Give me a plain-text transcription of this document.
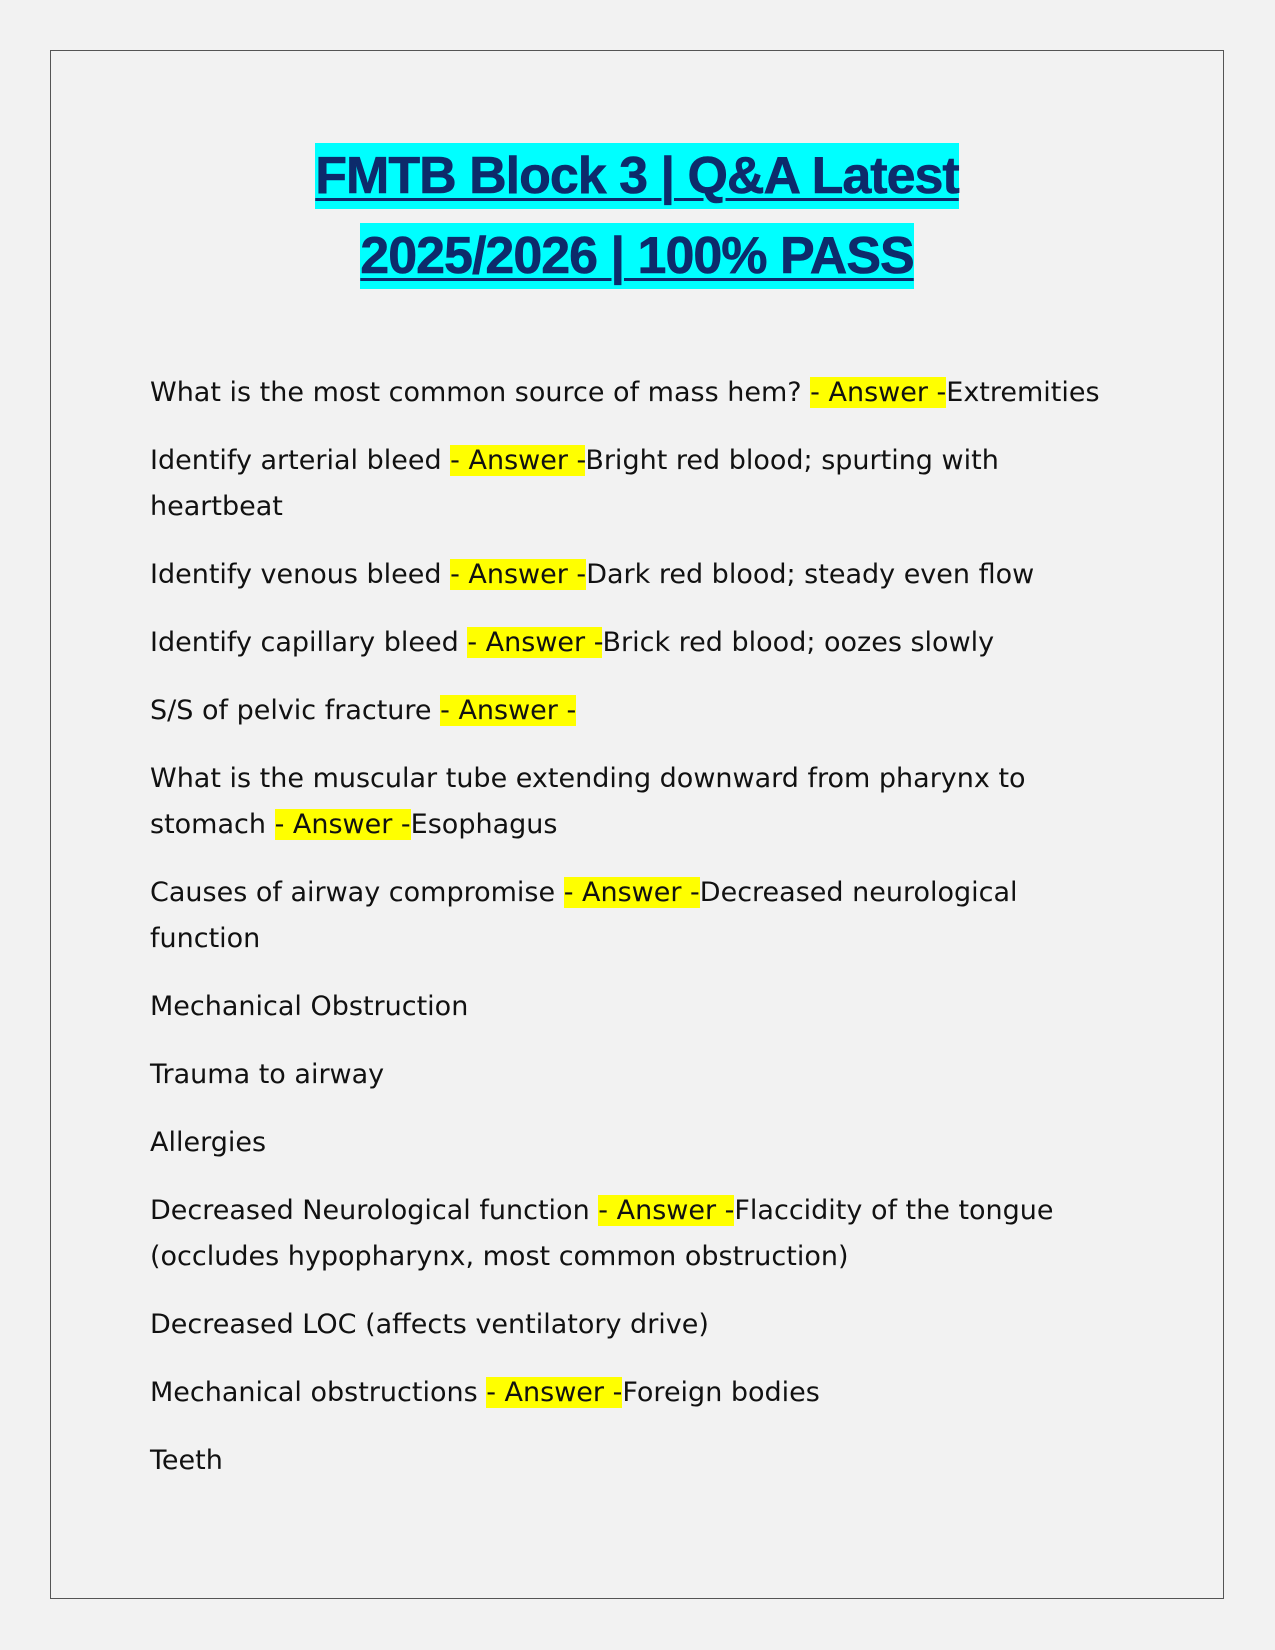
FMTB Block 3 | Q&A Latest
2025/2026 | 100% PASS

What is the most common source of mass hem? - Answer -Extremities

Identify arterial bleed - Answer -Bright red blood; spurting with heartbeat

Identify venous bleed - Answer -Dark red blood; steady even flow

Identify capillary bleed - Answer -Brick red blood; oozes slowly

S/S of pelvic fracture - Answer -

What is the muscular tube extending downward from pharynx to stomach - Answer -Esophagus

Causes of airway compromise - Answer -Decreased neurological function

Mechanical Obstruction

Trauma to airway

Allergies

Decreased Neurological function - Answer -Flaccidity of the tongue (occludes hypopharynx, most common obstruction)

Decreased LOC (affects ventilatory drive)

Mechanical obstructions - Answer -Foreign bodies

Teeth
